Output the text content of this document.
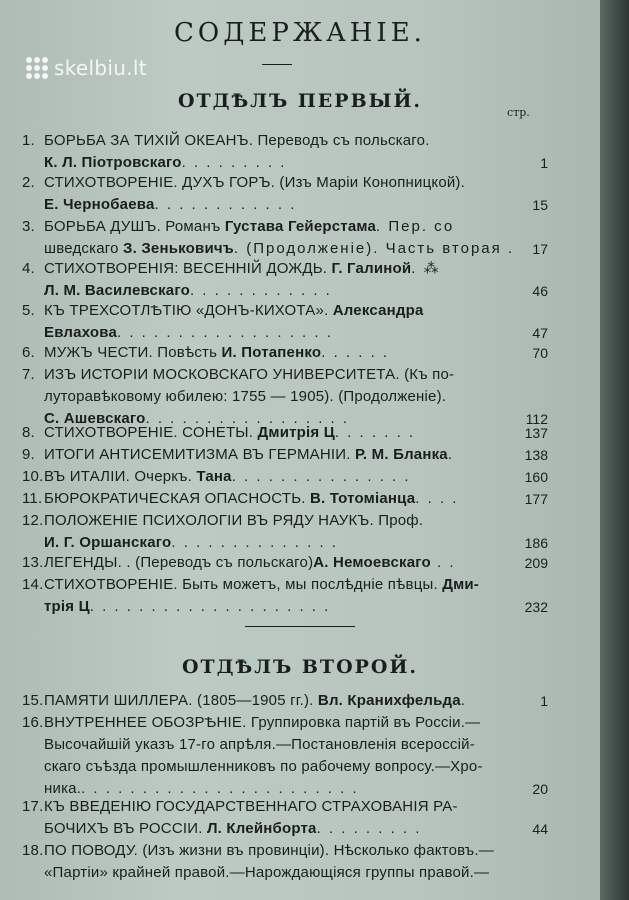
skelbiu.lt
СОДЕРЖАНІЕ.
ОТДѢЛЪ ПЕРВЫЙ.
стр.
1. БОРЬБА ЗА ТИХІЙ ОКЕАНЪ. Переводъ съ польскаго.
К. Л. Піотровскаго. . . . . . . . .	1
2. СТИХОТВОРЕНІЕ. ДУХЪ ГОРЪ. (Изъ Маріи Конопницкой).
Е. Чернобаева. . . . . . . . . . . .	15
3. БОРЬБА ДУШЪ. Романъ Густава Гейерстама. Пер. со
шведскаго З. Зеньковичъ. (Продолженіе). Часть вторая .	17
4. СТИХОТВОРЕНІЯ: ВЕСЕННІЙ ДОЖДЬ. Г. Галиной. ⁂
Л. М. Василевскаго. . . . . . . . . . . .	46
5. КЪ ТРЕХСОТЛѢТІЮ «ДОНЪ-КИХОТА». Александра
Евлахова. . . . . . . . . . . . . . . . . .	47
6. МУЖЪ ЧЕСТИ. Повѣсть И. Потапенко. . . . . .	70
7. ИЗЪ ИСТОРІИ МОСКОВСКАГО УНИВЕРСИТЕТА. (Къ по-
луторавѣковому юбилею: 1755 — 1905). (Продолженіе).
С. Ашевскаго. . . . . . . . . . . . . . . . .	112
8. СТИХОТВОРЕНІЕ. СОНЕТЫ. Дмитрія Ц. . . . . . .	137
9. ИТОГИ АНТИСЕМИТИЗМА ВЪ ГЕРМАНІИ. Р. М. Бланка.	138
10.ВЪ ИТАЛІИ. Очеркъ. Тана. . . . . . . . . . . . . . .	160
11. БЮРОКРАТИЧЕСКАЯ ОПАСНОСТЬ. В. Тотоміанца. . . .	177
12.ПОЛОЖЕНІЕ ПСИХОЛОГІИ ВЪ РЯДУ НАУКЪ. Проф.
И. Г. Оршанскаго. . . . . . . . . . . . . .	186
13.ЛЕГЕНДЫ. . (Переводъ съ польскаго)А. Немоевскаго . .	209
14.СТИХОТВОРЕНІЕ. Быть можетъ, мы послѣдніе пѣвцы. Дми-
трія Ц. . . . . . . . . . . . . . . . . . . .	232
ОТДѢЛЪ ВТОРОЙ.
15.ПАМЯТИ ШИЛЛЕРА. (1805—1905 гг.). Вл. Кранихфельда.	1
16.ВНУТРЕННЕЕ ОБОЗРѢНІЕ. Группировка партій въ Россіи.—
Высочайшій указъ 17-го апрѣля.—Постановленія всероссій-
скаго съѣзда промышленниковъ по рабочему вопросу.—Хро-
ника.. . . . . . . . . . . . . . . . . . . . . . .	20
17.КЪ ВВЕДЕНІЮ ГОСУДАРСТВЕННАГО СТРАХОВАНІЯ РА-
БОЧИХЪ ВЪ РОССІИ. Л. Клейнборта. . . . . . . . .	44
18.ПО ПОВОДУ. (Изъ жизни въ провинціи). Нѣсколько фактовъ.—
«Партіи» крайней правой.—Нарождающіяся группы правой.—
